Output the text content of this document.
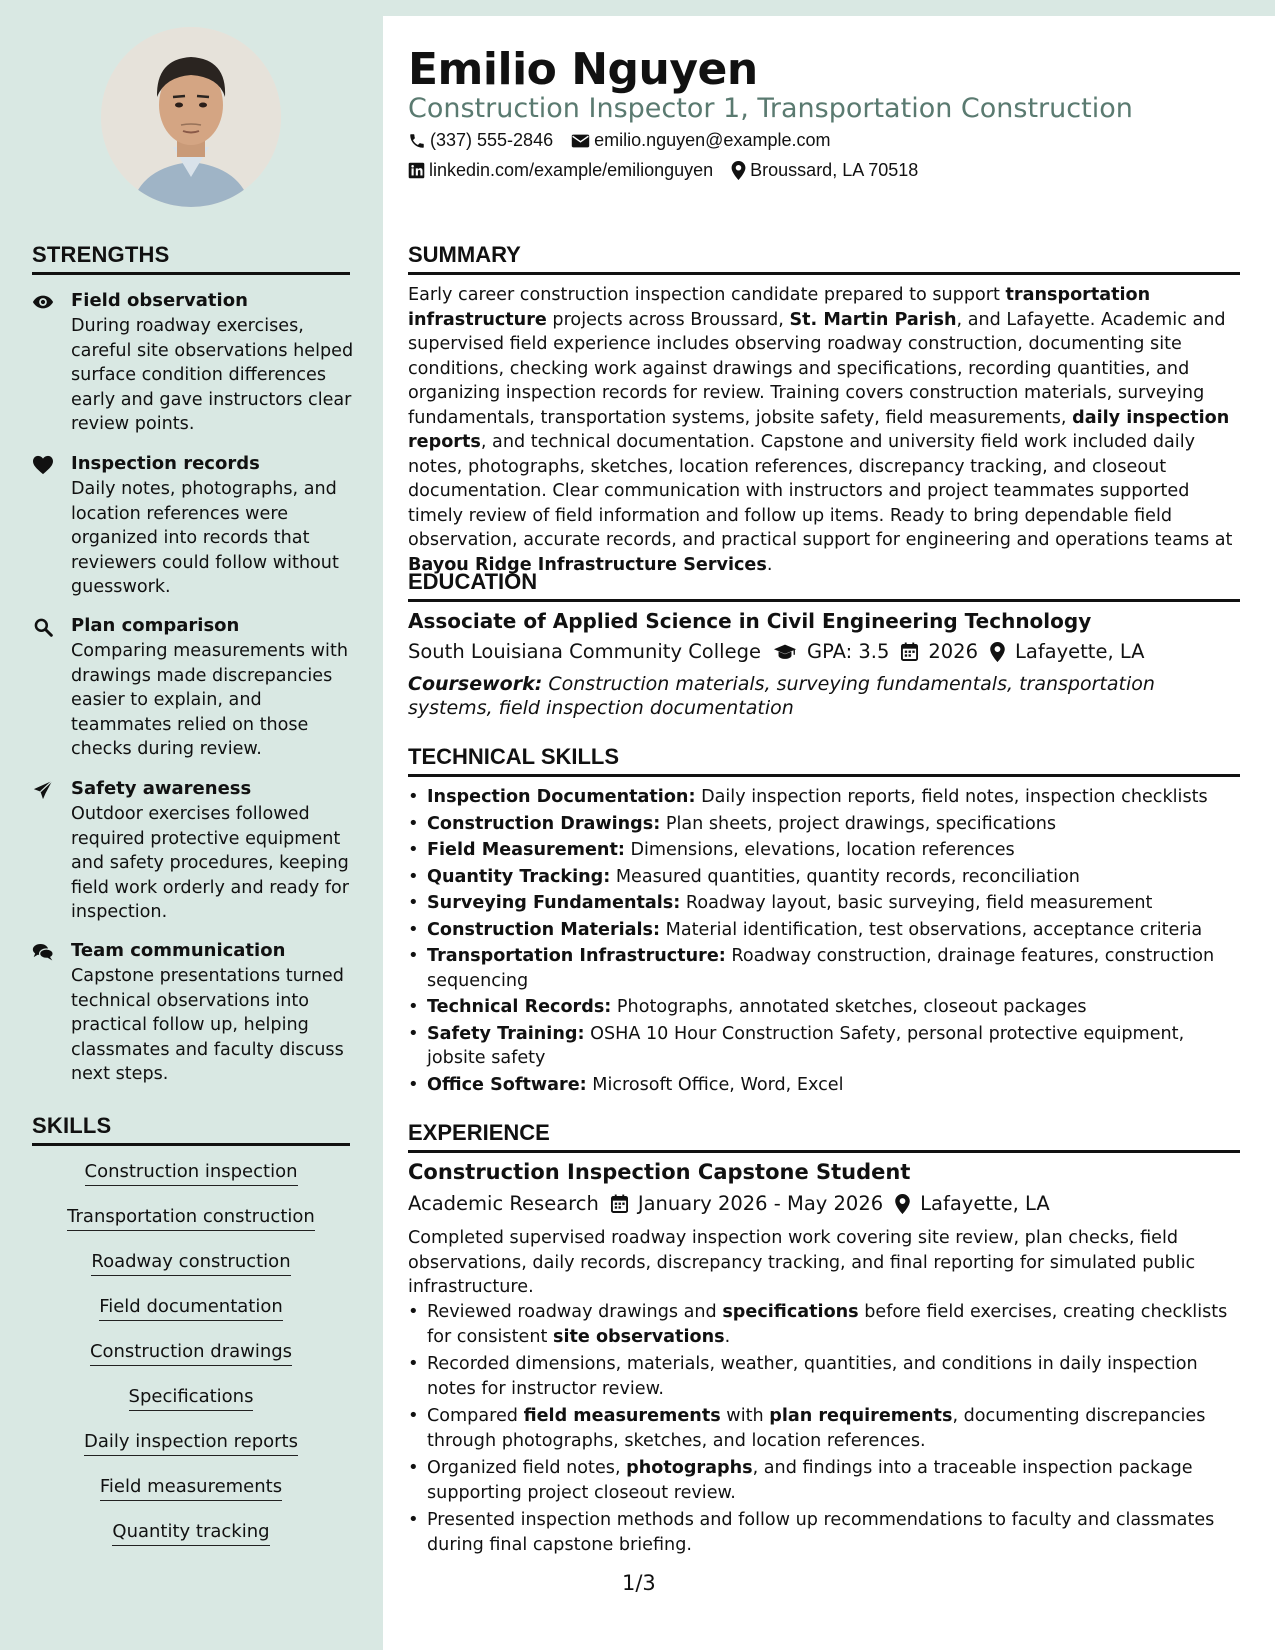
Emilio Nguyen
Construction Inspector 1, Transportation Construction
(337) 555-2846 emilio.nguyen@example.com
linkedin.com/example/emilionguyen Broussard, LA 70518
STRENGTHS
Field observation
During roadway exercises, careful site observations helped surface condition differences early and gave instructors clear review points.
Inspection records
Daily notes, photographs, and location references were organized into records that reviewers could follow without guesswork.
Plan comparison
Comparing measurements with drawings made discrepancies easier to explain, and teammates relied on those checks during review.
Safety awareness
Outdoor exercises followed required protective equipment and safety procedures, keeping field work orderly and ready for inspection.
Team communication
Capstone presentations turned technical observations into practical follow up, helping classmates and faculty discuss next steps.
SKILLS
Construction inspection
Transportation construction
Roadway construction
Field documentation
Construction drawings
Specifications
Daily inspection reports
Field measurements
Quantity tracking
SUMMARY
Early career construction inspection candidate prepared to support transportation infrastructure projects across Broussard, St. Martin Parish, and Lafayette. Academic and supervised field experience includes observing roadway construction, documenting site conditions, checking work against drawings and specifications, recording quantities, and organizing inspection records for review. Training covers construction materials, surveying fundamentals, transportation systems, jobsite safety, field measurements, daily inspection reports, and technical documentation. Capstone and university field work included daily notes, photographs, sketches, location references, discrepancy tracking, and closeout documentation. Clear communication with instructors and project teammates supported timely review of field information and follow up items. Ready to bring dependable field observation, accurate records, and practical support for engineering and operations teams at Bayou Ridge Infrastructure Services.
EDUCATION
Associate of Applied Science in Civil Engineering Technology
South Louisiana Community College GPA: 3.5 2026 Lafayette, LA
Coursework: Construction materials, surveying fundamentals, transportation systems, field inspection documentation
TECHNICAL SKILLS
• Inspection Documentation: Daily inspection reports, field notes, inspection checklists
• Construction Drawings: Plan sheets, project drawings, specifications
• Field Measurement: Dimensions, elevations, location references
• Quantity Tracking: Measured quantities, quantity records, reconciliation
• Surveying Fundamentals: Roadway layout, basic surveying, field measurement
• Construction Materials: Material identification, test observations, acceptance criteria
• Transportation Infrastructure: Roadway construction, drainage features, construction sequencing
• Technical Records: Photographs, annotated sketches, closeout packages
• Safety Training: OSHA 10 Hour Construction Safety, personal protective equipment, jobsite safety
• Office Software: Microsoft Office, Word, Excel
EXPERIENCE
Construction Inspection Capstone Student
Academic Research January 2026 - May 2026 Lafayette, LA
Completed supervised roadway inspection work covering site review, plan checks, field observations, daily records, discrepancy tracking, and final reporting for simulated public infrastructure.
• Reviewed roadway drawings and specifications before field exercises, creating checklists for consistent site observations.
• Recorded dimensions, materials, weather, quantities, and conditions in daily inspection notes for instructor review.
• Compared field measurements with plan requirements, documenting discrepancies through photographs, sketches, and location references.
• Organized field notes, photographs, and findings into a traceable inspection package supporting project closeout review.
• Presented inspection methods and follow up recommendations to faculty and classmates during final capstone briefing.
1/3
